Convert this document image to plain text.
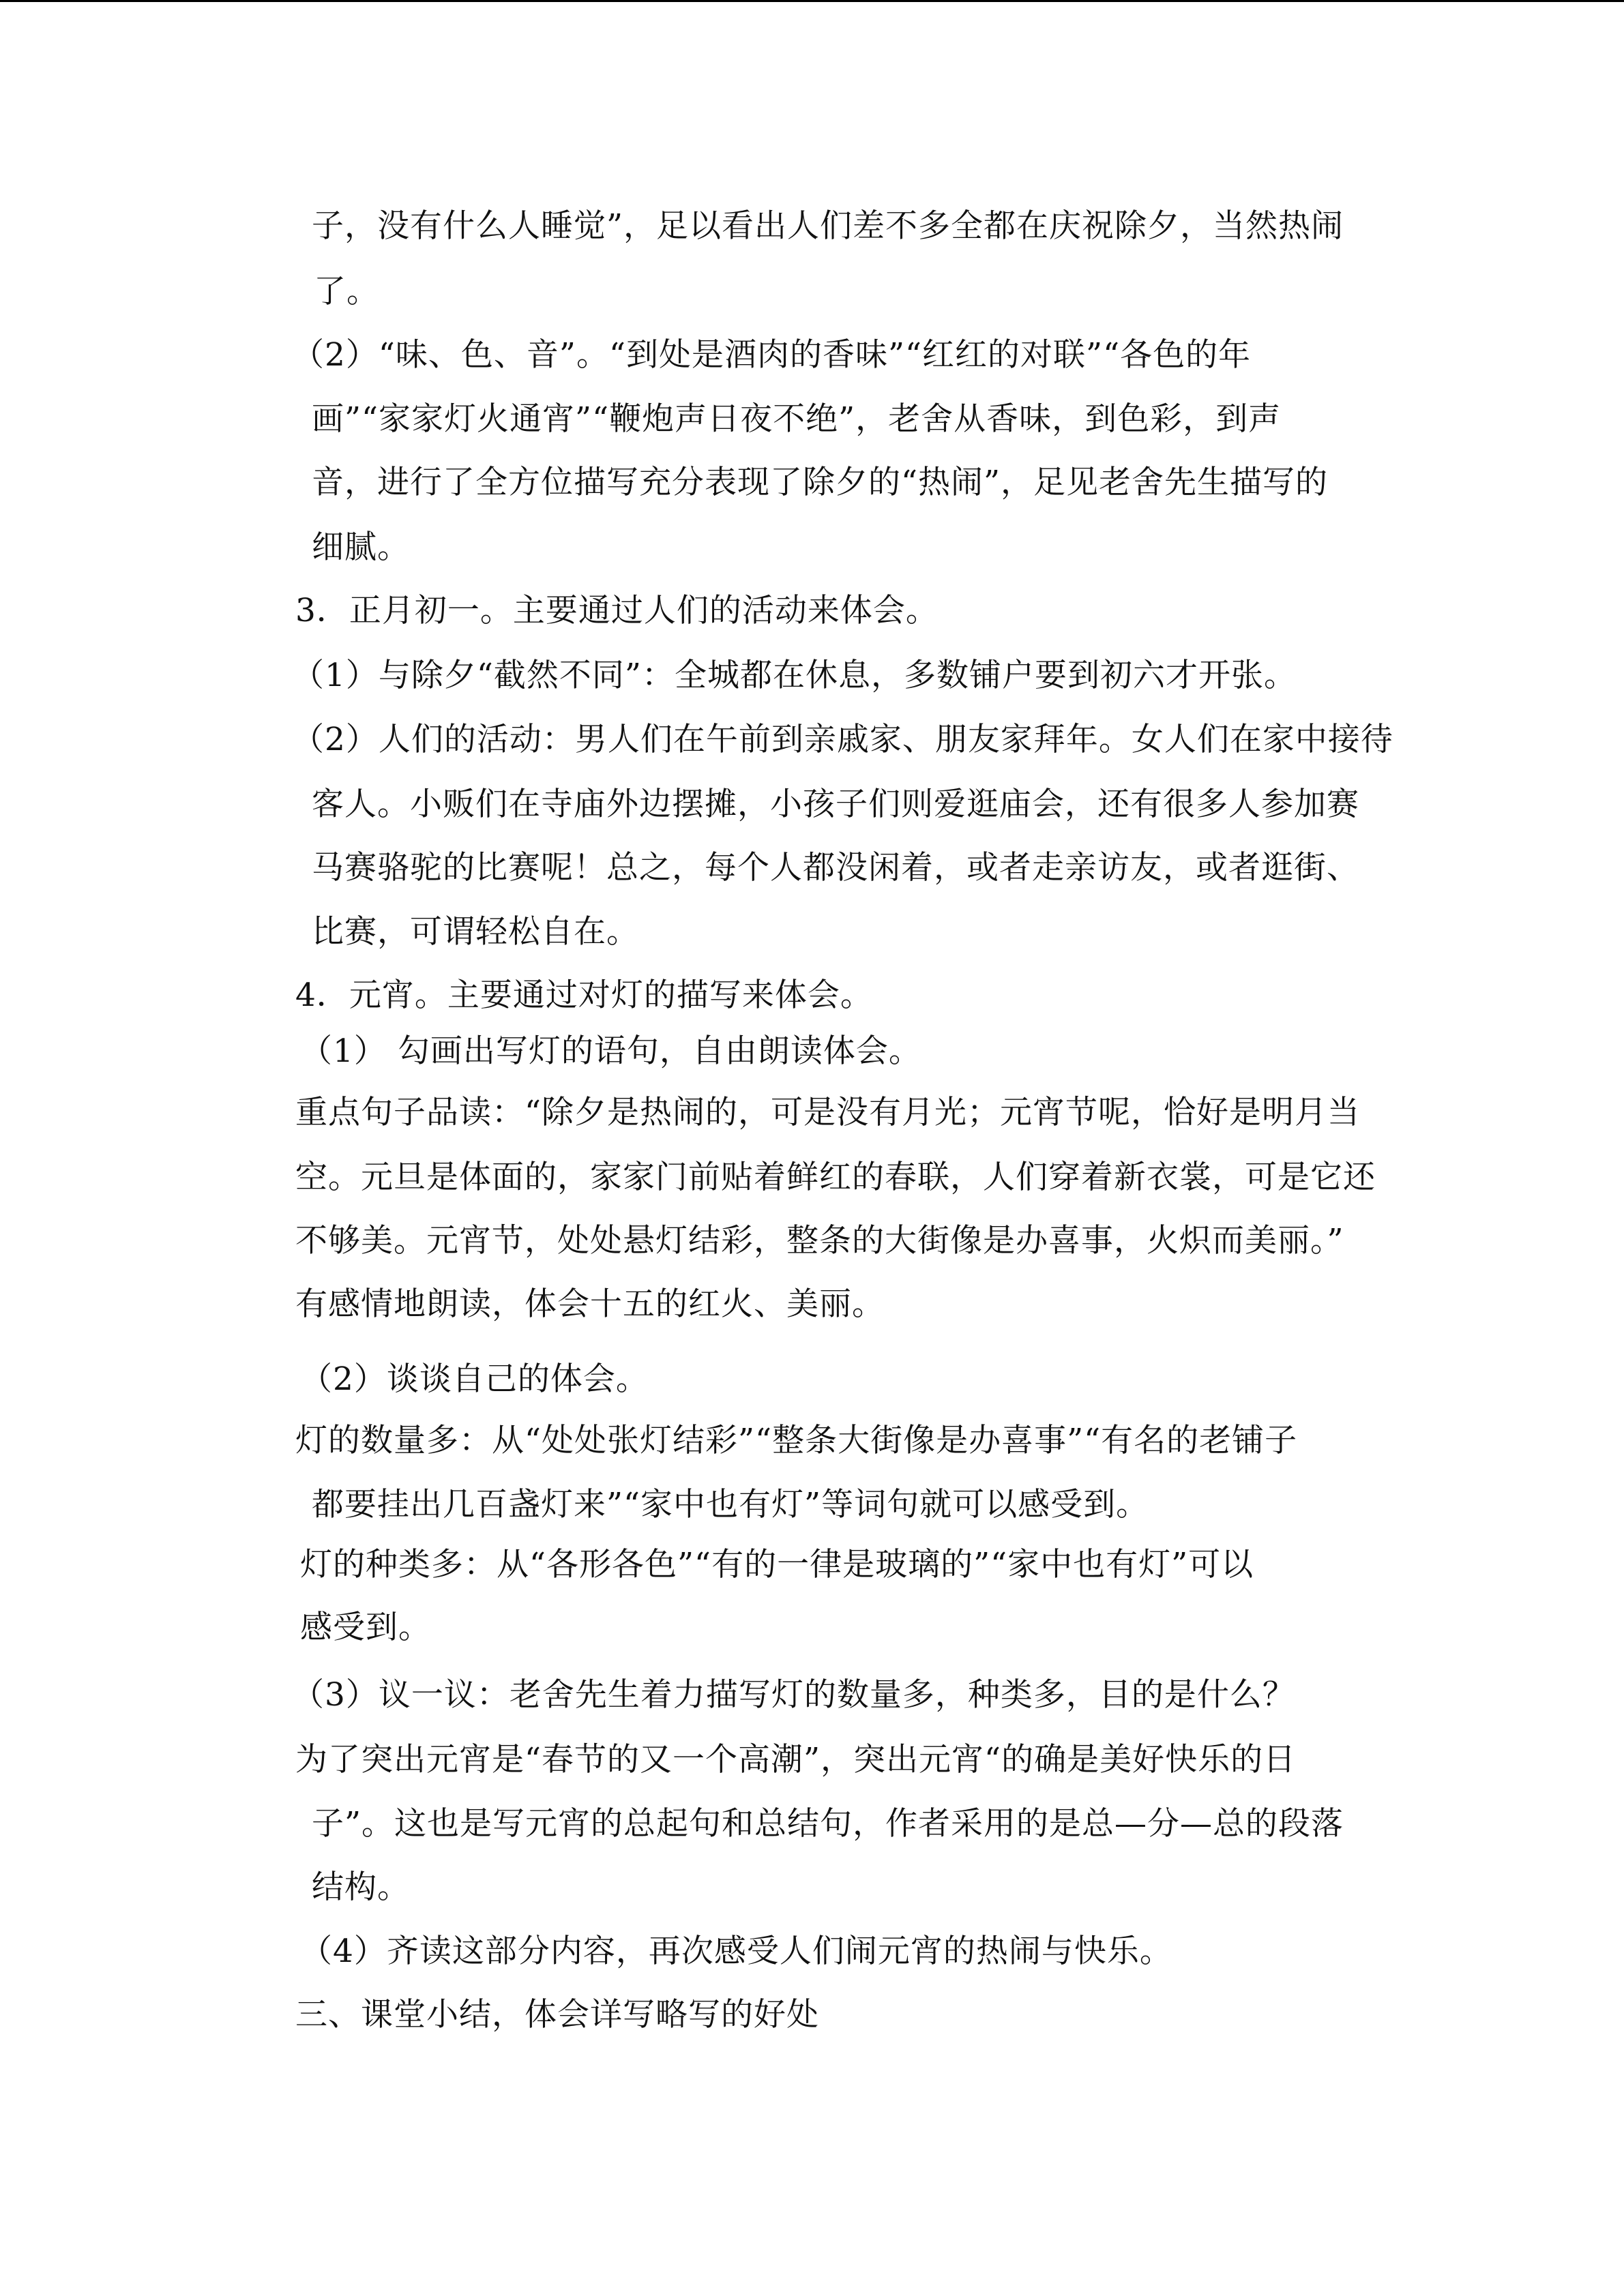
子，没有什么人睡觉”，足以看出人们差不多全都在庆祝除夕，当然热闹
了。
（2）“味、色、音”。“到处是酒肉的香味”“红红的对联”“各色的年
画”“家家灯火通宵”“鞭炮声日夜不绝”，老舍从香味，到色彩，到声
音，进行了全方位描写充分表现了除夕的“热闹”，足见老舍先生描写的
细腻。
3．正月初一。主要通过人们的活动来体会。
（1）与除夕“截然不同”：全城都在休息，多数铺户要到初六才开张。
（2）人们的活动：男人们在午前到亲戚家、朋友家拜年。女人们在家中接待
客人。小贩们在寺庙外边摆摊，小孩子们则爱逛庙会，还有很多人参加赛
马赛骆驼的比赛呢！总之，每个人都没闲着，或者走亲访友，或者逛街、
比赛，可谓轻松自在。
4．元宵。主要通过对灯的描写来体会。
（1） 勾画出写灯的语句，自由朗读体会。
重点句子品读：“除夕是热闹的，可是没有月光；元宵节呢，恰好是明月当
空。元旦是体面的，家家门前贴着鲜红的春联，人们穿着新衣裳，可是它还
不够美。元宵节，处处悬灯结彩，整条的大街像是办喜事，火炽而美丽。”
有感情地朗读，体会十五的红火、美丽。
（2）谈谈自己的体会。
灯的数量多：从“处处张灯结彩”“整条大街像是办喜事”“有名的老铺子
都要挂出几百盏灯来”“家中也有灯”等词句就可以感受到。
灯的种类多：从“各形各色”“有的一律是玻璃的”“家中也有灯”可以
感受到。
（3）议一议：老舍先生着力描写灯的数量多，种类多，目的是什么？
为了突出元宵是“春节的又一个高潮”，突出元宵“的确是美好快乐的日
子”。这也是写元宵的总起句和总结句，作者采用的是总—分—总的段落
结构。
（4）齐读这部分内容，再次感受人们闹元宵的热闹与快乐。
三、课堂小结，体会详写略写的好处
